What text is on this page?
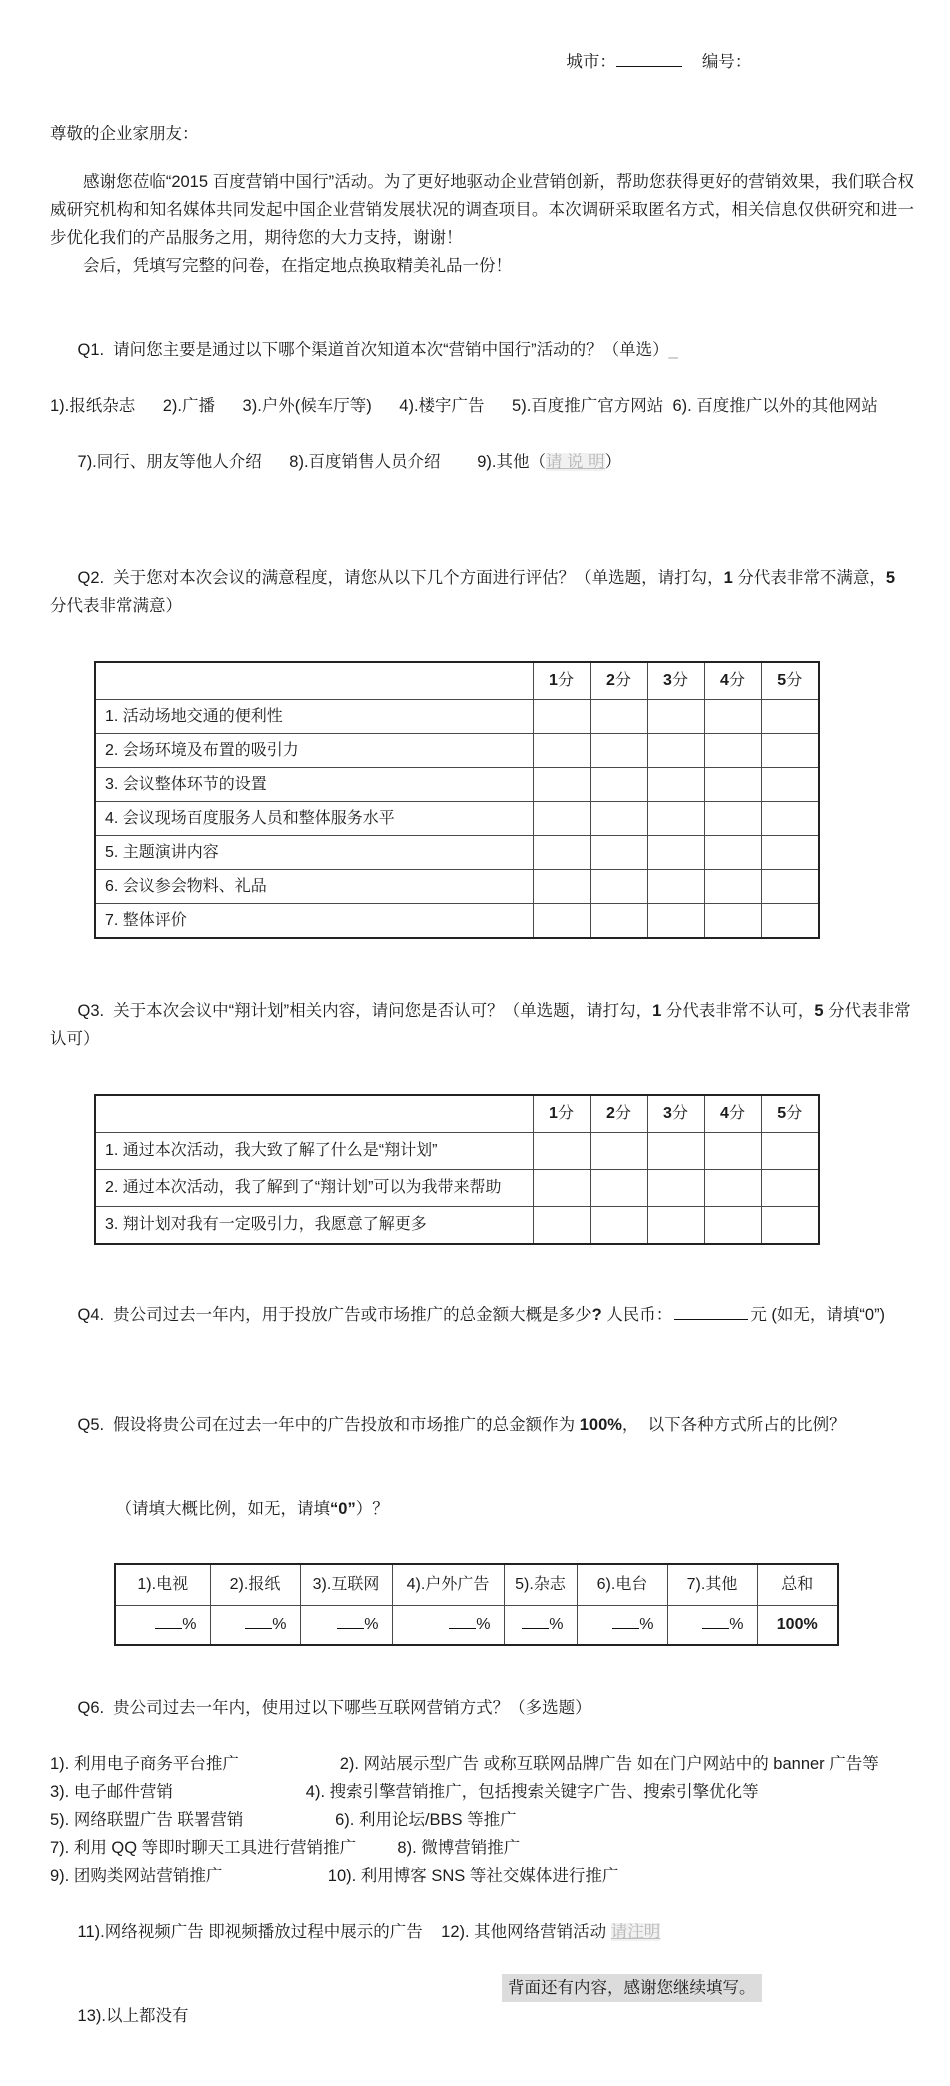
城市：	编号：

尊敬的企业家朋友：

感谢您莅临“2015 百度营销中国行”活动。为了更好地驱动企业营销创新，帮助您获得更好的营销效果，我们联合权威研究机构和知名媒体共同发起中国企业营销发展状况的调查项目。本次调研采取匿名方式，相关信息仅供研究和进一步优化我们的产品服务之用，期待您的大力支持，谢谢！

会后，凭填写完整的问卷，在指定地点换取精美礼品一份！

Q1. 请问您主要是通过以下哪个渠道首次知道本次“营销中国行”活动的？（单选）_

1).报纸杂志      2).广播      3).户外(候车厅等)      4).楼宇广告      5).百度推广官方网站  6). 百度推广以外的其他网站

7).同行、朋友等他人介绍      8).百度销售人员介绍        9).其他（请 说 明）

Q2. 关于您对本次会议的满意程度，请您从以下几个方面进行评估？（单选题，请打勾，1 分代表非常不满意，5 分代表非常满意）

	1分	2分	3分	4分	5分
1. 活动场地交通的便利性					
2. 会场环境及布置的吸引力					
3. 会议整体环节的设置					
4. 会议现场百度服务人员和整体服务水平					
5. 主题演讲内容					
6. 会议参会物料、礼品					
7. 整体评价					

Q3. 关于本次会议中“翔计划”相关内容，请问您是否认可？（单选题，请打勾，1 分代表非常不认可，5 分代表非常认可）

	1分	2分	3分	4分	5分
1. 通过本次活动，我大致了解了什么是“翔计划”					
2. 通过本次活动，我了解到了“翔计划”可以为我带来帮助					
3. 翔计划对我有一定吸引力，我愿意了解更多					

Q4. 贵公司过去一年内，用于投放广告或市场推广的总金额大概是多少? 人民币：	元 (如无，请填“0”)

Q5. 假设将贵公司在过去一年中的广告投放和市场推广的总金额作为 100%，  以下各种方式所占的比例？

（请填大概比例，如无，请填“0”）？

1).电视	2).报纸	3).互联网	4).户外广告	5).杂志	6).电台	7).其他	总和
%	%	%	%	%	%	%	100%

Q6. 贵公司过去一年内，使用过以下哪些互联网营销方式？（多选题）

1). 利用电子商务平台推广                      2). 网站展示型广告 或称互联网品牌广告 如在门户网站中的 banner 广告等
3). 电子邮件营销                             4). 搜索引擎营销推广，包括搜索关键字广告、搜索引擎优化等
5). 网络联盟广告 联署营销                    6). 利用论坛/BBS 等推广
7). 利用 QQ 等即时聊天工具进行营销推广         8). 微博营销推广
9). 团购类网站营销推广                       10). 利用博客 SNS 等社交媒体进行推广

11).网络视频广告 即视频播放过程中展示的广告    12). 其他网络营销活动 请注明

13).以上都没有

背面还有内容，感谢您继续填写。
